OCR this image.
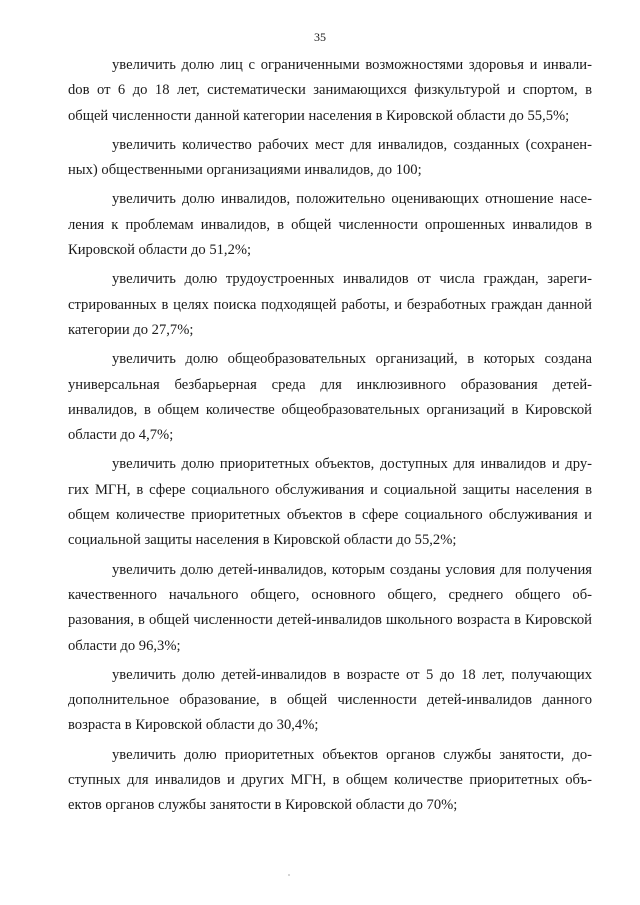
35

увеличить долю лиц с ограниченными возможностями здоровья и инвалиdов от 6 до 18 лет, систематически занимающихся физкультурой и спортом, в общей численности данной категории населения в Кировской области до 55,5%;

увеличить количество рабочих мест для инвалидов, созданных (сохраненных) общественными организациями инвалидов, до 100;

увеличить долю инвалидов, положительно оценивающих отношение населения к проблемам инвалидов, в общей численности опрошенных инвалидов в Кировской области до 51,2%;

увеличить долю трудоустроенных инвалидов от числа граждан, зарегистрированных в целях поиска подходящей работы, и безработных граждан данной категории до 27,7%;

увеличить долю общеобразовательных организаций, в которых создана универсальная безбарьерная среда для инклюзивного образования детей-инвалидов, в общем количестве общеобразовательных организаций в Кировской области до 4,7%;

увеличить долю приоритетных объектов, доступных для инвалидов и других МГН, в сфере социального обслуживания и социальной защиты населения в общем количестве приоритетных объектов в сфере социального обслуживания и социальной защиты населения в Кировской области до 55,2%;

увеличить долю детей-инвалидов, которым созданы условия для получения качественного начального общего, основного общего, среднего общего образования, в общей численности детей-инвалидов школьного возраста в Кировской области до 96,3%;

увеличить долю детей-инвалидов в возрасте от 5 до 18 лет, получающих дополнительное образование, в общей численности детей-инвалидов данного возраста в Кировской области до 30,4%;

увеличить долю приоритетных объектов органов службы занятости, доступных для инвалидов и других МГН, в общем количестве приоритетных объектов органов службы занятости в Кировской области до 70%;
